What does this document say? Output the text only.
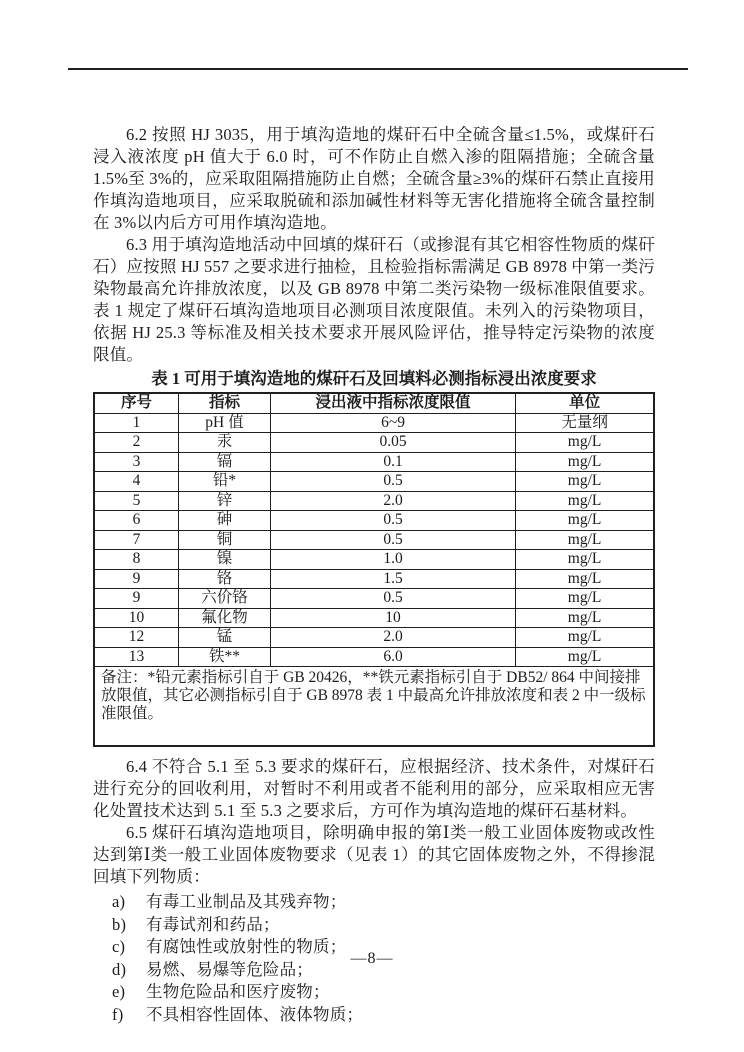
6.2 按照 HJ 3035，用于填沟造地的煤矸石中全硫含量≤1.5%，或煤矸石浸入液浓度 pH 值大于 6.0 时，可不作防止自燃入渗的阻隔措施；全硫含量 1.5%至 3%的，应采取阻隔措施防止自燃；全硫含量≥3%的煤矸石禁止直接用作填沟造地项目，应采取脱硫和添加碱性材料等无害化措施将全硫含量控制在 3%以内后方可用作填沟造地。

6.3 用于填沟造地活动中回填的煤矸石（或掺混有其它相容性物质的煤矸石）应按照 HJ 557 之要求进行抽检，且检验指标需满足 GB 8978 中第一类污染物最高允许排放浓度，以及 GB 8978 中第二类污染物一级标准限值要求。表 1 规定了煤矸石填沟造地项目必测项目浓度限值。未列入的污染物项目，依据 HJ 25.3 等标准及相关技术要求开展风险评估，推导特定污染物的浓度限值。

表 1 可用于填沟造地的煤矸石及回填料必测指标浸出浓度要求
序号	指标	浸出液中指标浓度限值	单位
1	pH 值	6~9	无量纲
2	汞	0.05	mg/L
3	镉	0.1	mg/L
4	铅*	0.5	mg/L
5	锌	2.0	mg/L
6	砷	0.5	mg/L
7	铜	0.5	mg/L
8	镍	1.0	mg/L
9	铬	1.5	mg/L
9	六价铬	0.5	mg/L
10	氟化物	10	mg/L
12	锰	2.0	mg/L
13	铁**	6.0	mg/L
备注：*铅元素指标引自于 GB 20426，**铁元素指标引自于 DB52/ 864 中间接排放限值，其它必测指标引自于 GB 8978 表 1 中最高允许排放浓度和表 2 中一级标准限值。			

6.4 不符合 5.1 至 5.3 要求的煤矸石，应根据经济、技术条件，对煤矸石进行充分的回收利用，对暂时不利用或者不能利用的部分，应采取相应无害化处置技术达到 5.1 至 5.3 之要求后，方可作为填沟造地的煤矸石基材料。

6.5 煤矸石填沟造地项目，除明确申报的第Ⅰ类一般工业固体废物或改性达到第Ⅰ类一般工业固体废物要求（见表 1）的其它固体废物之外，不得掺混回填下列物质：

a) 有毒工业制品及其残弃物；
b) 有毒试剂和药品；
c) 有腐蚀性或放射性的物质；
d) 易燃、易爆等危险品；
e) 生物危险品和医疗废物；
f) 不具相容性固体、液体物质；
—8—
